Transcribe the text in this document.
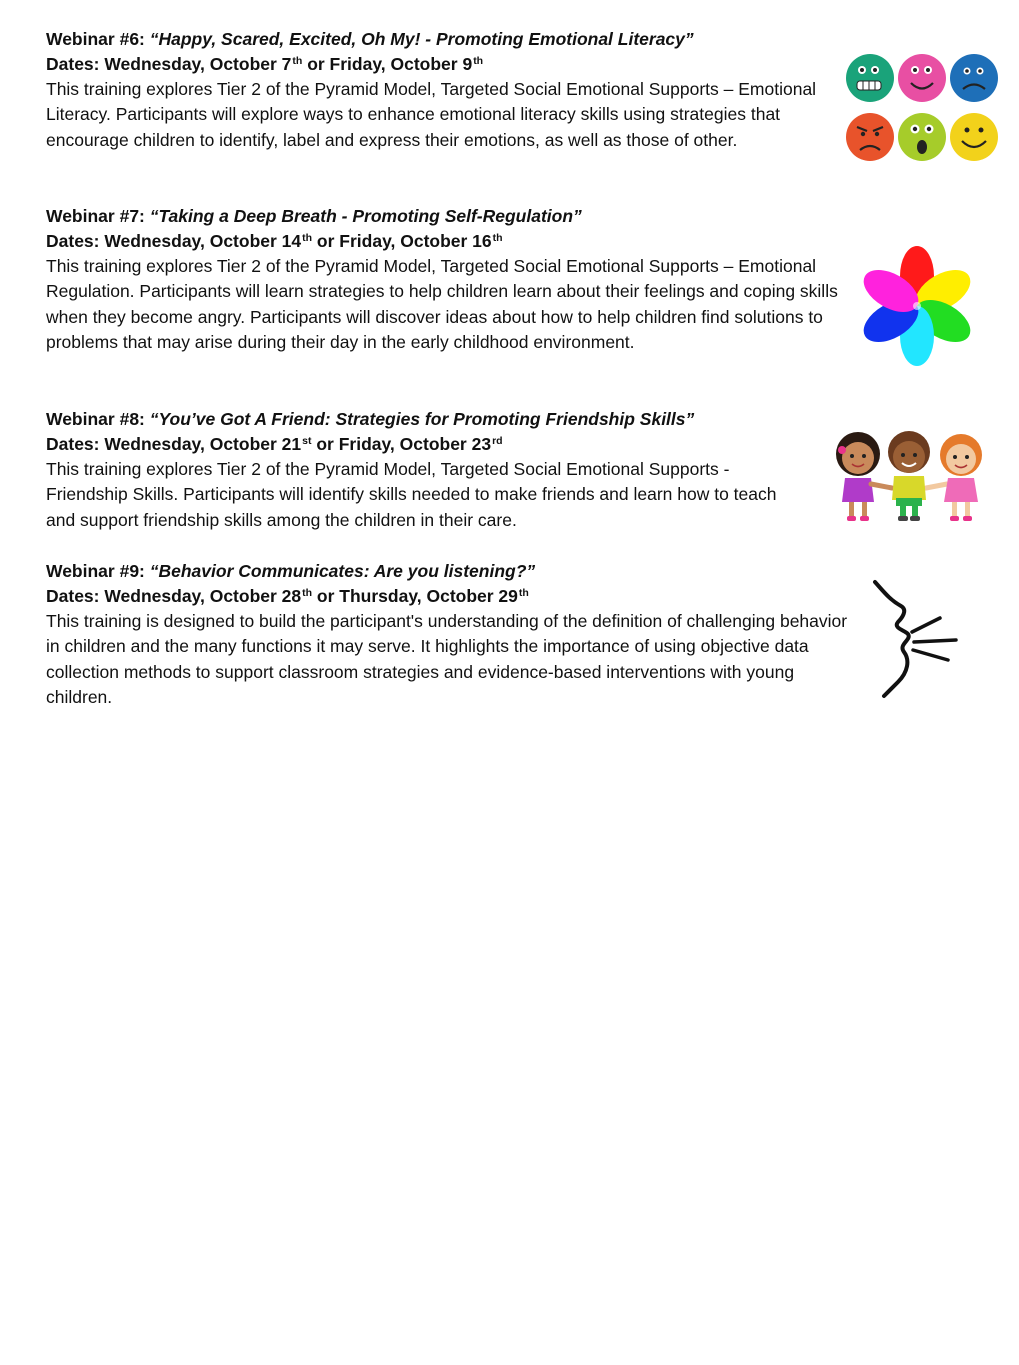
Webinar #6: “Happy, Scared, Excited, Oh My! - Promoting Emotional Literacy”
Dates: Wednesday, October 7th or Friday, October 9th
This training explores Tier 2 of the Pyramid Model, Targeted Social Emotional Supports – Emotional Literacy. Participants will explore ways to enhance emotional literacy skills using strategies that encourage children to identify, label and express their emotions, as well as those of other.
Webinar #7: “Taking a Deep Breath - Promoting Self-Regulation”
Dates: Wednesday, October 14th or Friday, October 16th
This training explores Tier 2 of the Pyramid Model, Targeted Social Emotional Supports – Emotional Regulation. Participants will learn strategies to help children learn about their feelings and coping skills when they become angry. Participants will discover ideas about how to help children find solutions to problems that may arise during their day in the early childhood environment.
Webinar #8: “You’ve Got A Friend: Strategies for Promoting Friendship Skills”
Dates: Wednesday, October 21st or Friday, October 23rd
This training explores Tier 2 of the Pyramid Model, Targeted Social Emotional Supports - Friendship Skills. Participants will identify skills needed to make friends and learn how to teach and support friendship skills among the children in their care.
Webinar #9: “Behavior Communicates: Are you listening?”
Dates: Wednesday, October 28th or Thursday, October 29th
This training is designed to build the participant's understanding of the definition of challenging behavior in children and the many functions it may serve. It highlights the importance of using objective data collection methods to support classroom strategies and evidence-based interventions with young children.
